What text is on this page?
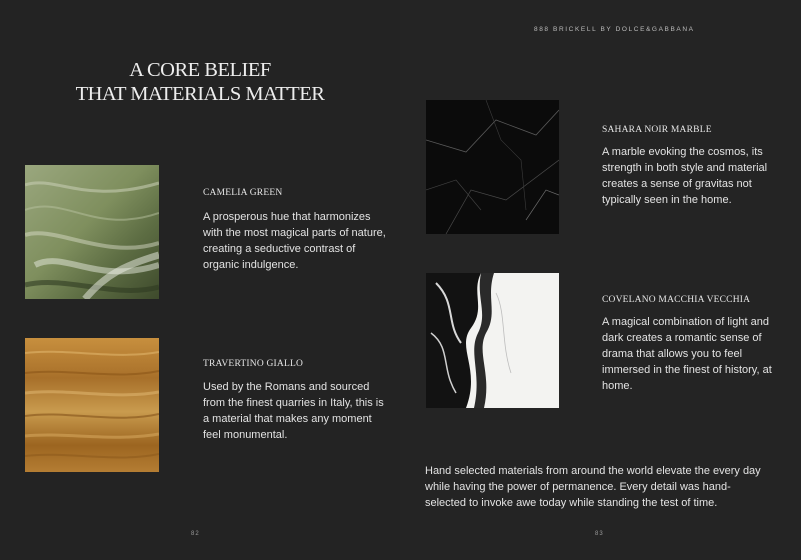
888 BRICKELL BY DOLCE&GABBANA
A CORE BELIEF
THAT MATERIALS MATTER
CAMELIA GREEN

A prosperous hue that harmonizes with the most magical parts of nature, creating a seductive contrast of organic indulgence.

TRAVERTINO GIALLO

Used by the Romans and sourced from the finest quarries in Italy, this is a material that makes any moment feel monumental.

SAHARA NOIR MARBLE

A marble evoking the cosmos, its strength in both style and material creates a sense of gravitas not typically seen in the home.

COVELANO MACCHIA VECCHIA

A magical combination of light and dark creates a romantic sense of drama that allows you to feel immersed in the finest of history, at home.

Hand selected materials from around the world elevate the every day while having the power of permanence. Every detail was hand-selected to invoke awe today while standing the test of time.

82	83
